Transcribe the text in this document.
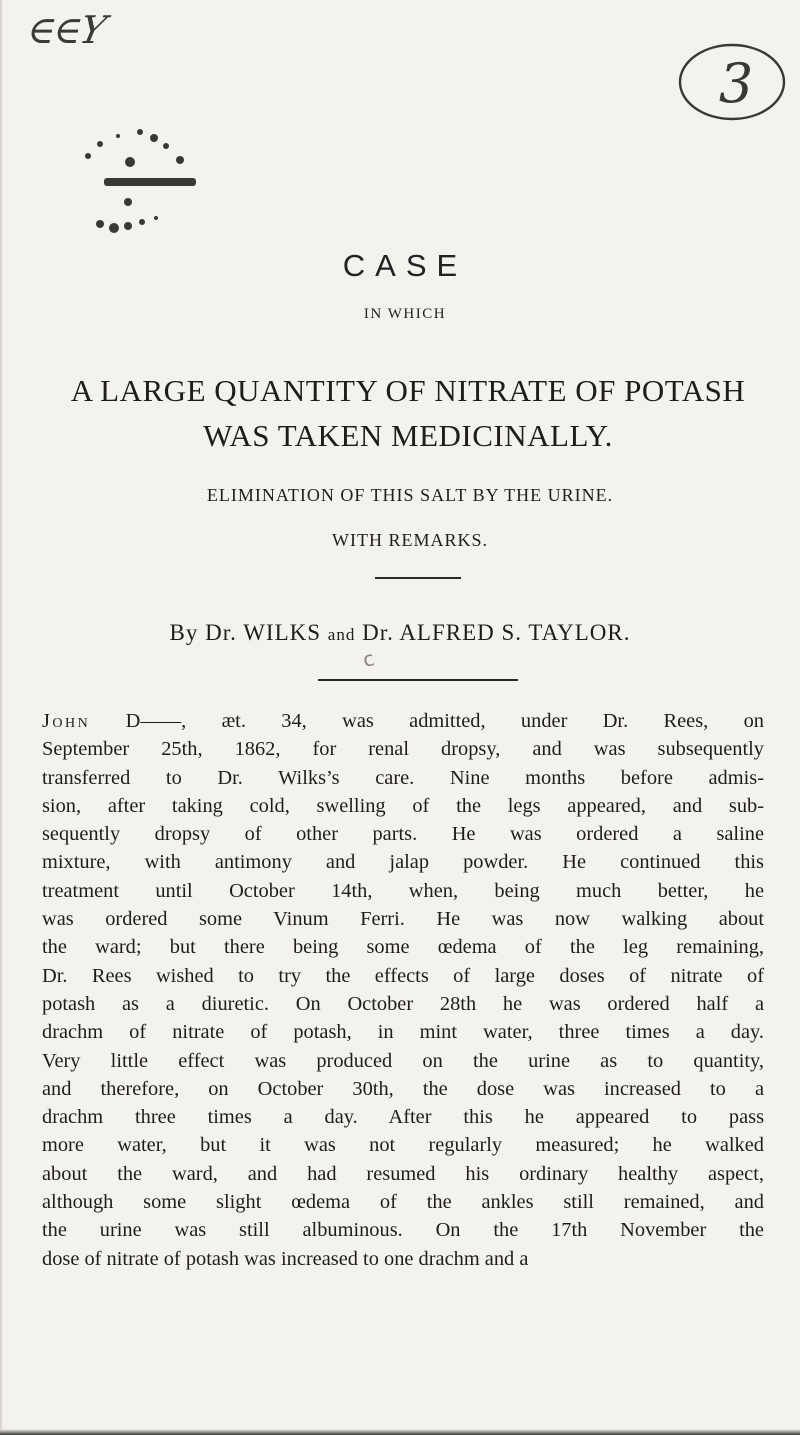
∈∈Y
3
CASE
IN WHICH
A LARGE QUANTITY OF NITRATE OF POTASH
WAS TAKEN MEDICINALLY.
ELIMINATION OF THIS SALT BY THE URINE.
WITH REMARKS.
By Dr. WILKS and Dr. ALFRED S. TAYLOR.
c
John D——, æt. 34, was admitted, under Dr. Rees, on
September 25th, 1862, for renal dropsy, and was subsequently
transferred to Dr. Wilks’s care. Nine months before admis-
sion, after taking cold, swelling of the legs appeared, and sub-
sequently dropsy of other parts. He was ordered a saline
mixture, with antimony and jalap powder. He continued this
treatment until October 14th, when, being much better, he
was ordered some Vinum Ferri. He was now walking about
the ward; but there being some œdema of the leg remaining,
Dr. Rees wished to try the effects of large doses of nitrate of
potash as a diuretic. On October 28th he was ordered half a
drachm of nitrate of potash, in mint water, three times a day.
Very little effect was produced on the urine as to quantity,
and therefore, on October 30th, the dose was increased to a
drachm three times a day. After this he appeared to pass
more water, but it was not regularly measured; he walked
about the ward, and had resumed his ordinary healthy aspect,
although some slight œdema of the ankles still remained, and
the urine was still albuminous. On the 17th November the
dose of nitrate of potash was increased to one drachm and a
